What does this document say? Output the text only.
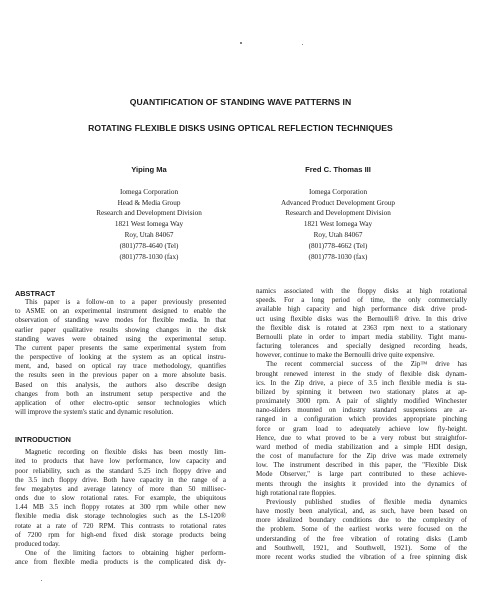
QUANTIFICATION OF STANDING WAVE PATTERNS IN
ROTATING FLEXIBLE DISKS USING OPTICAL REFLECTION TECHNIQUES
Yiping Ma
Iomega Corporation
Head & Media Group
Research and Development Division
1821 West Iomega Way
Roy, Utah 84067
(801)778-4640 (Tel)
(801)778-1030 (fax)
Fred C. Thomas III
Iomega Corporation
Advanced Product Development Group
Research and Development Division
1821 West Iomega Way
Roy, Utah 84067
(801)778-4662 (Tel)
(801)778-1030 (fax)
ABSTRACT
This paper is a follow-on to a paper previously presented
to ASME on an experimental instrument designed to enable the
observation of standing wave modes for flexible media. In that
earlier paper qualitative results showing changes in the disk
standing waves were obtained using the experimental setup.
The current paper presents the same experimental system from
the perspective of looking at the system as an optical instru-
ment, and, based on optical ray trace methodology, quantifies
the results seen in the previous paper on a more absolute basis.
Based on this analysis, the authors also describe design
changes from both an instrument setup perspective and the
application of other electro-optic sensor technologies which
will improve the system's static and dynamic resolution.
INTRODUCTION
Magnetic recording on flexible disks has been mostly lim-
ited to products that have low performance, low capacity and
poor reliability, such as the standard 5.25 inch floppy drive and
the 3.5 inch floppy drive. Both have capacity in the range of a
few megabytes and average latency of more than 50 millisec-
onds due to slow rotational rates. For example, the ubiquitous
1.44 MB 3.5 inch floppy rotates at 300 rpm while other new
flexible media disk storage technologies such as the LS-120®
rotate at a rate of 720 RPM. This contrasts to rotational rates
of 7200 rpm for high-end fixed disk storage products being
produced today.
One of the limiting factors to obtaining higher perform-
ance from flexible media products is the complicated disk dy-
namics associated with the floppy disks at high rotational
speeds. For a long period of time, the only commercially
available high capacity and high performance disk drive prod-
uct using flexible disks was the Bernoulli® drive. In this drive
the flexible disk is rotated at 2363 rpm next to a stationary
Bernoulli plate in order to impart media stability. Tight manu-
facturing tolerances and specially designed recording heads,
however, continue to make the Bernoulli drive quite expensive.
The recent commercial success of the Zip™ drive has
brought renewed interest in the study of flexible disk dynam-
ics. In the Zip drive, a piece of 3.5 inch flexible media is sta-
bilized by spinning it between two stationary plates at ap-
proximately 3000 rpm. A pair of slightly modified Winchester
nano-sliders mounted on industry standard suspensions are ar-
ranged in a configuration which provides appropriate pinching
force or gram load to adequately achieve low fly-height.
Hence, due to what proved to be a very robust but straightfor-
ward method of media stabilization and a simple HDI design,
the cost of manufacture for the Zip drive was made extremely
low. The instrument described in this paper, the "Flexible Disk
Mode Observer," is large part contributed to these achieve-
ments through the insights it provided into the dynamics of
high rotational rate floppies.
Previously published studies of flexible media dynamics
have mostly been analytical, and, as such, have been based on
more idealized boundary conditions due to the complexity of
the problem. Some of the earliest works were focused on the
understanding of the free vibration of rotating disks (Lamb
and Southwell, 1921, and Southwell, 1921). Some of the
more recent works studied the vibration of a free spinning disk
